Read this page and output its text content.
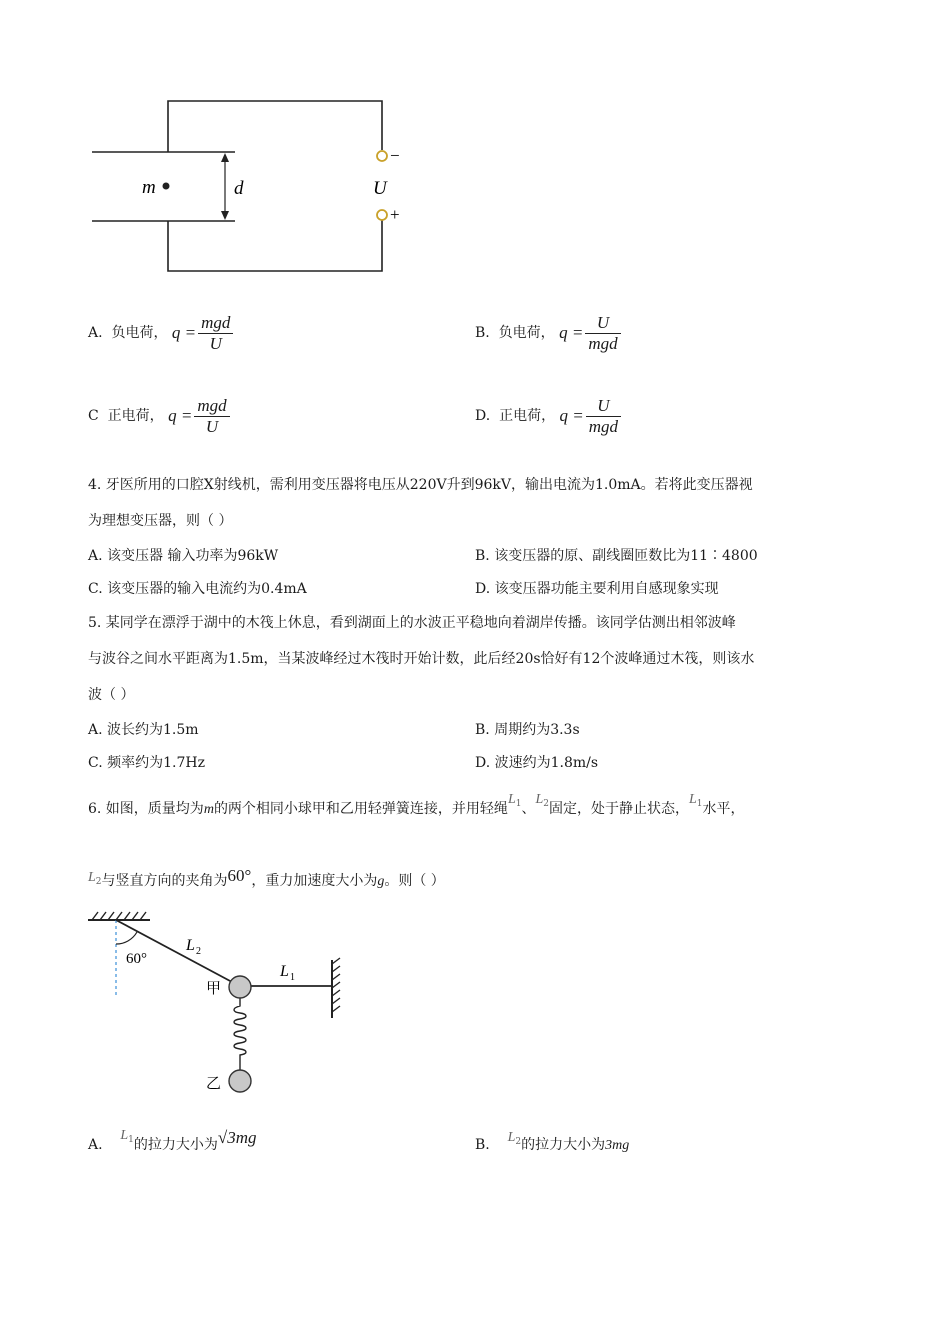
m	d	U
−
+
A. 负电荷， $q = \frac{\text{mgd}}{U}$	B. 负电荷， $q = \frac{U}{\text{mgd}}$
C 正电荷， $q = \frac{\text{mgd}}{U}$	D. 正电荷， $q = \frac{U}{\text{mgd}}$
4. 牙医所用的口腔X射线机，需利用变压器将电压从220V升到96kV，输出电流为1.0mA。若将此变压器视
为理想变压器，则（ ）
A. 该变压器 输入功率为96kW	B. 该变压器的原、副线圈匝数比为11∶4800
C. 该变压器的输入电流约为0.4mA	D. 该变压器功能主要利用自感现象实现
5. 某同学在漂浮于湖中的木筏上休息，看到湖面上的水波正平稳地向着湖岸传播。该同学估测出相邻波峰
与波谷之间水平距离为1.5m，当某波峰经过木筏时开始计数，此后经20s恰好有12个波峰通过木筏，则该水
波（ ）
A. 波长约为1.5m	B. 周期约为3.3s
C. 频率约为1.7Hz	D. 波速约为1.8m/s
6. 如图，质量均为m的两个相同小球甲和乙用轻弹簧连接，并用轻绳$L_1$、$L_2$固定，处于静止状态，$L_1$水平，
$L_2$与竖直方向的夹角为60°，重力加速度大小为g。则（ ）
60°
L 2
L 1
甲
乙
A.    $L_1$的拉力大小为√3mg	B. $L_2$的拉力大小为3mg
